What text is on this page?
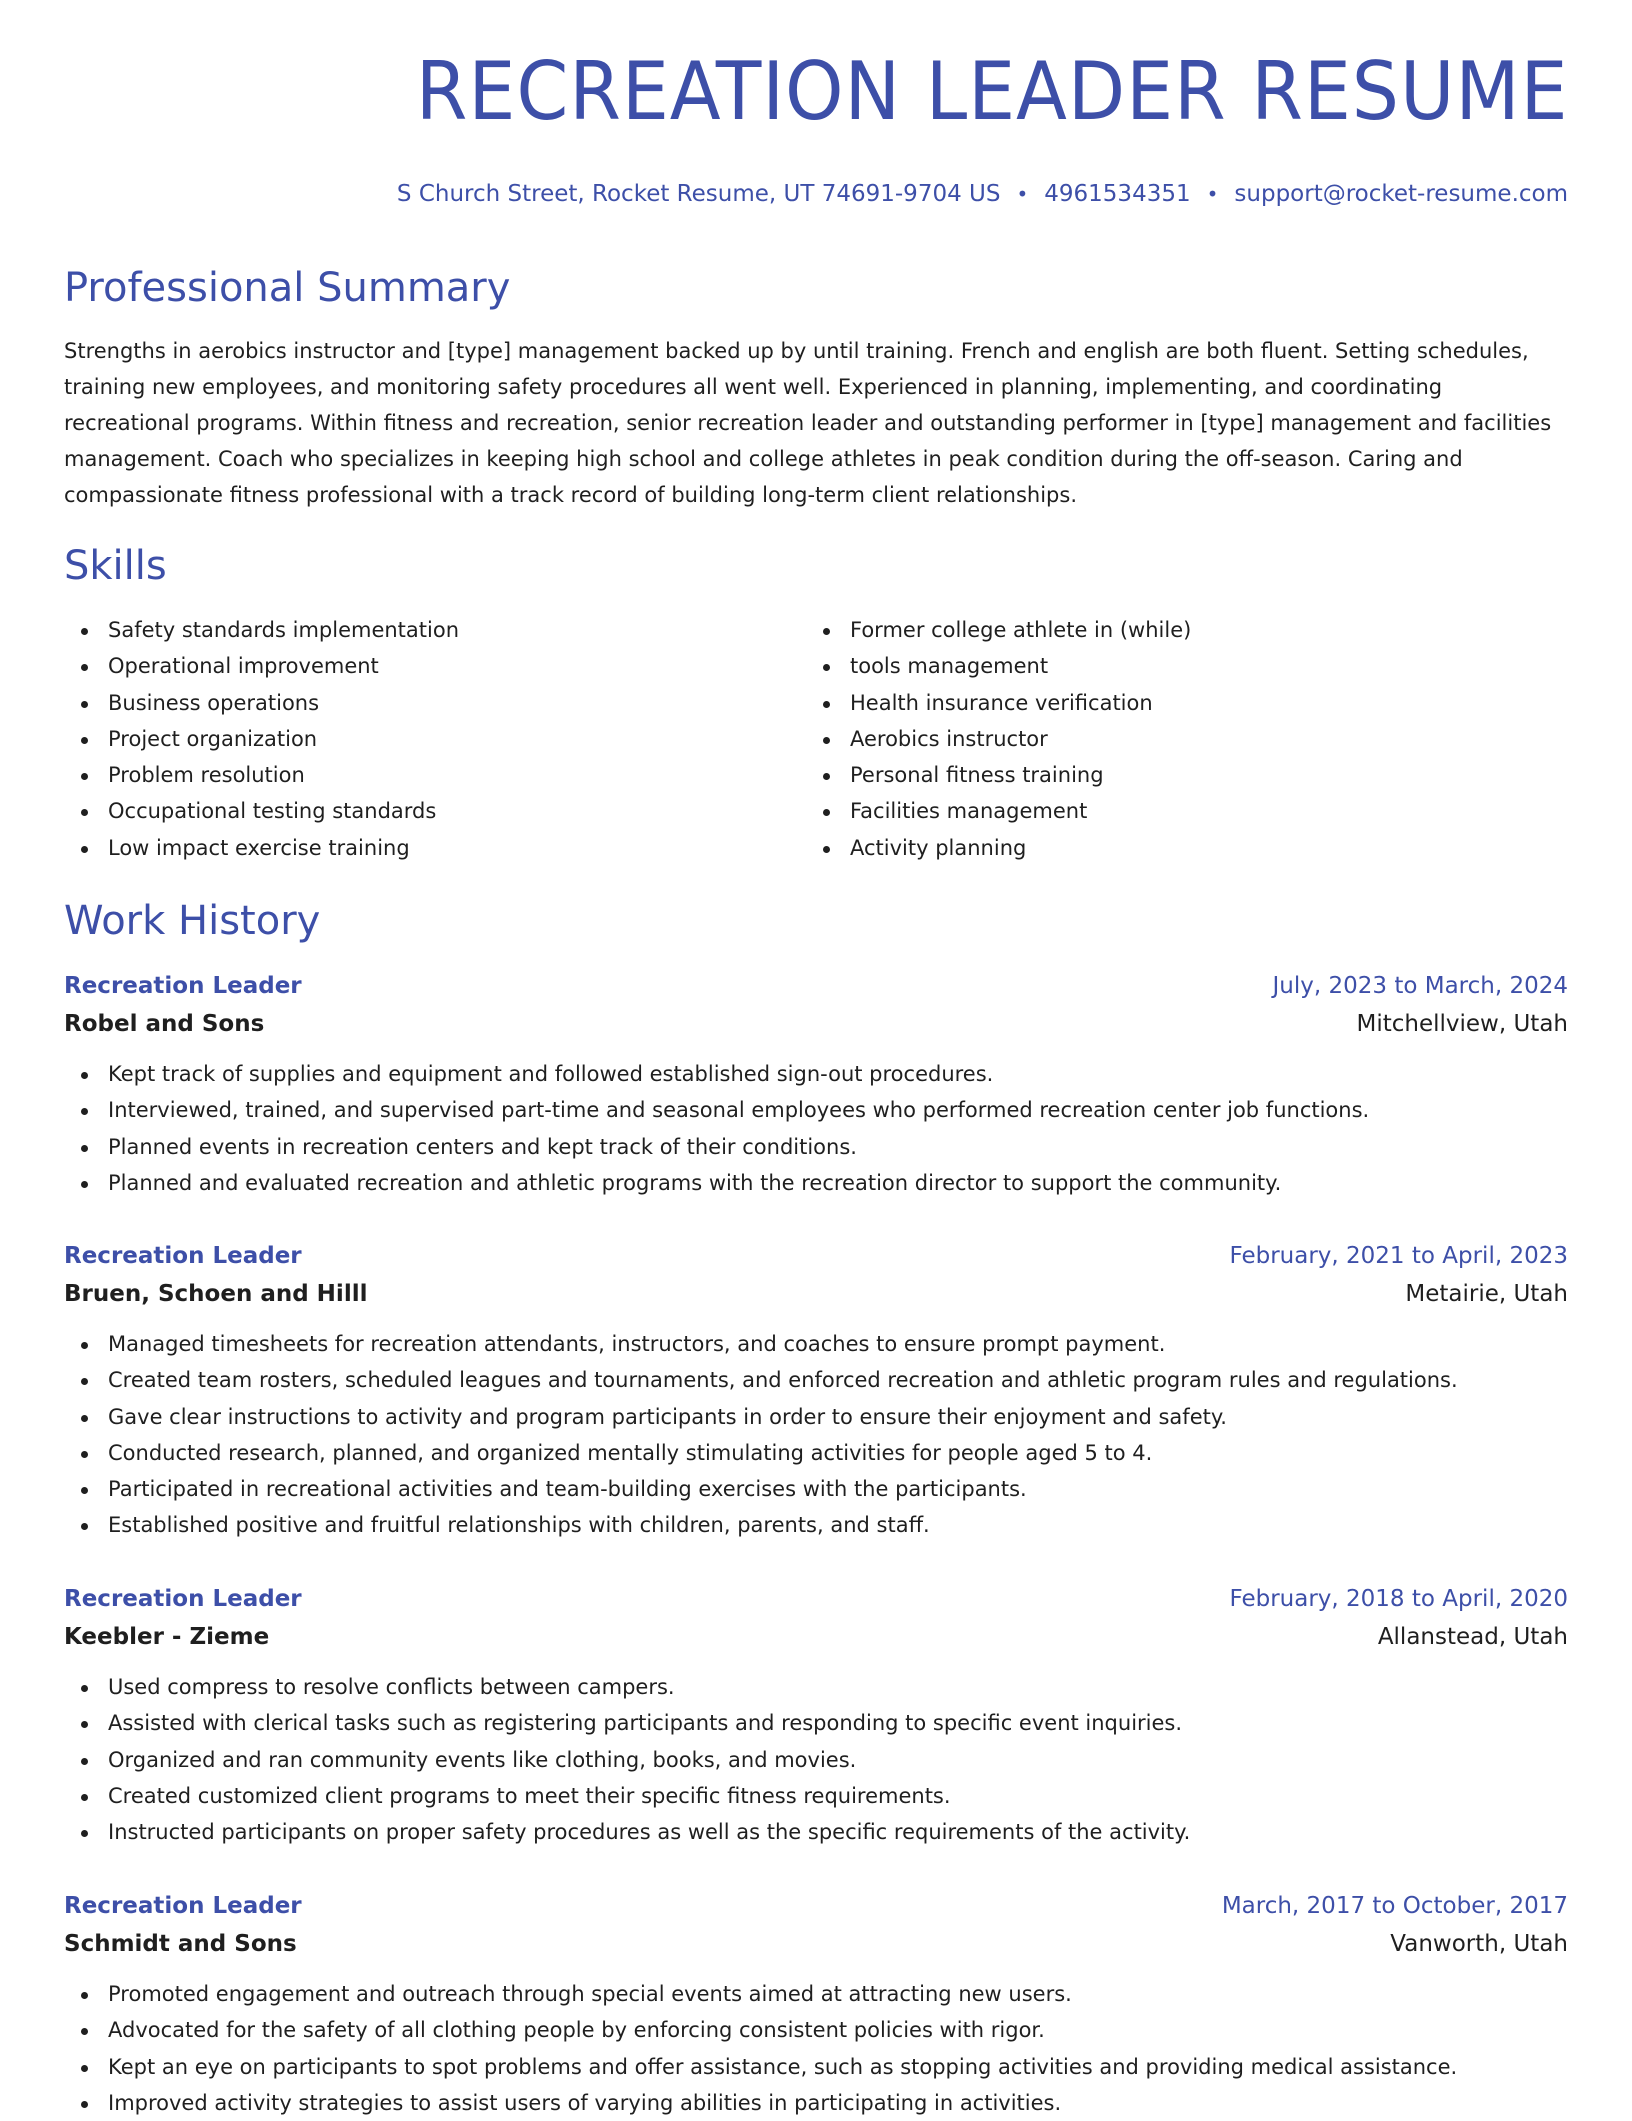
RECREATION LEADER RESUME
S Church Street, Rocket Resume, UT 74691-9704 US • 4961534351 • support@rocket-resume.com
Professional Summary
Strengths in aerobics instructor and [type] management backed up by until training. French and english are both fluent. Setting schedules, training new employees, and monitoring safety procedures all went well. Experienced in planning, implementing, and coordinating recreational programs. Within fitness and recreation, senior recreation leader and outstanding performer in [type] management and facilities management. Coach who specializes in keeping high school and college athletes in peak condition during the off-season. Caring and compassionate fitness professional with a track record of building long-term client relationships.
Skills
Safety standards implementation
Operational improvement
Business operations
Project organization
Problem resolution
Occupational testing standards
Low impact exercise training
Former college athlete in (while)
tools management
Health insurance verification
Aerobics instructor
Personal fitness training
Facilities management
Activity planning
Work History
Recreation Leader	July, 2023 to March, 2024
Robel and Sons	Mitchellview, Utah
Kept track of supplies and equipment and followed established sign-out procedures.
Interviewed, trained, and supervised part-time and seasonal employees who performed recreation center job functions.
Planned events in recreation centers and kept track of their conditions.
Planned and evaluated recreation and athletic programs with the recreation director to support the community.
Recreation Leader	February, 2021 to April, 2023
Bruen, Schoen and Hilll	Metairie, Utah
Managed timesheets for recreation attendants, instructors, and coaches to ensure prompt payment.
Created team rosters, scheduled leagues and tournaments, and enforced recreation and athletic program rules and regulations.
Gave clear instructions to activity and program participants in order to ensure their enjoyment and safety.
Conducted research, planned, and organized mentally stimulating activities for people aged 5 to 4.
Participated in recreational activities and team-building exercises with the participants.
Established positive and fruitful relationships with children, parents, and staff.
Recreation Leader	February, 2018 to April, 2020
Keebler - Zieme	Allanstead, Utah
Used compress to resolve conflicts between campers.
Assisted with clerical tasks such as registering participants and responding to specific event inquiries.
Organized and ran community events like clothing, books, and movies.
Created customized client programs to meet their specific fitness requirements.
Instructed participants on proper safety procedures as well as the specific requirements of the activity.
Recreation Leader	March, 2017 to October, 2017
Schmidt and Sons	Vanworth, Utah
Promoted engagement and outreach through special events aimed at attracting new users.
Advocated for the safety of all clothing people by enforcing consistent policies with rigor.
Kept an eye on participants to spot problems and offer assistance, such as stopping activities and providing medical assistance.
Improved activity strategies to assist users of varying abilities in participating in activities.
